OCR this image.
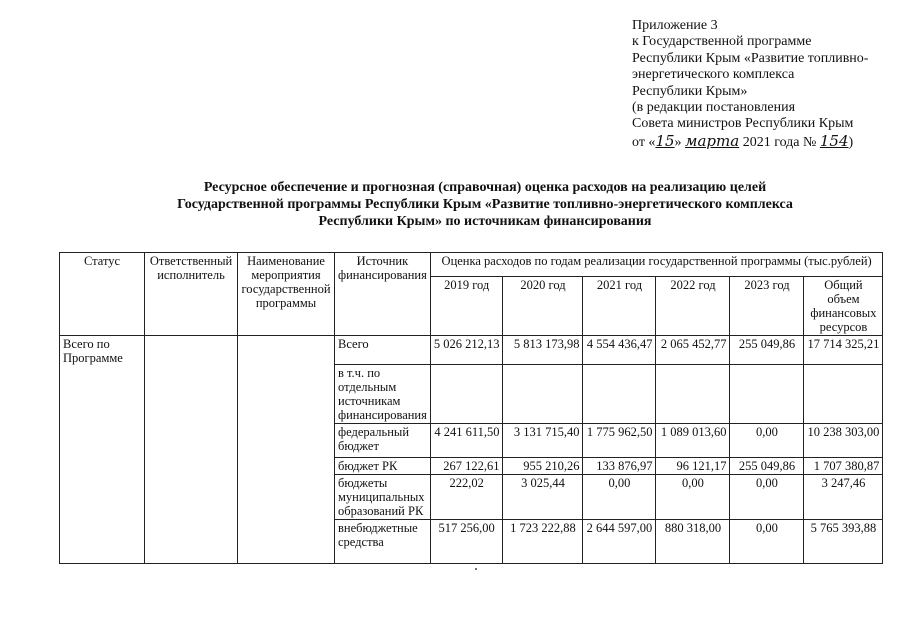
Приложение 3
к Государственной программе
Республики Крым «Развитие топливно-
энергетического комплекса
Республики Крым»
(в редакции постановления
Совета министров Республики Крым
от «15» марта 2021 года № 154)
Ресурсное обеспечение и прогнозная (справочная) оценка расходов на реализацию целей
Государственной программы Республики Крым «Развитие топливно-энергетического комплекса
Республики Крым» по источникам финансирования
Статус	Ответственный исполнитель	Наименование мероприятия государственной программы	Источник финансирования	Оценка расходов по годам реализации государственной программы (тыс.рублей)					
				2019 год	2020 год	2021 год	2022 год	2023 год	Общий объем финансовых ресурсов
Всего по Программе			Всего	5 026 212,13	5 813 173,98	4 554 436,47	2 065 452,77	255 049,86	17 714 325,21
			в т.ч. по отдельным источникам финансирования						
			федеральный бюджет	4 241 611,50	3 131 715,40	1 775 962,50	1 089 013,60	0,00	10 238 303,00
			бюджет РК	267 122,61	955 210,26	133 876,97	96 121,17	255 049,86	1 707 380,87
			бюджеты муниципальных образований РК	222,02	3 025,44	0,00	0,00	0,00	3 247,46
			внебюджетные средства	517 256,00	1 723 222,88	2 644 597,00	880 318,00	0,00	5 765 393,88
